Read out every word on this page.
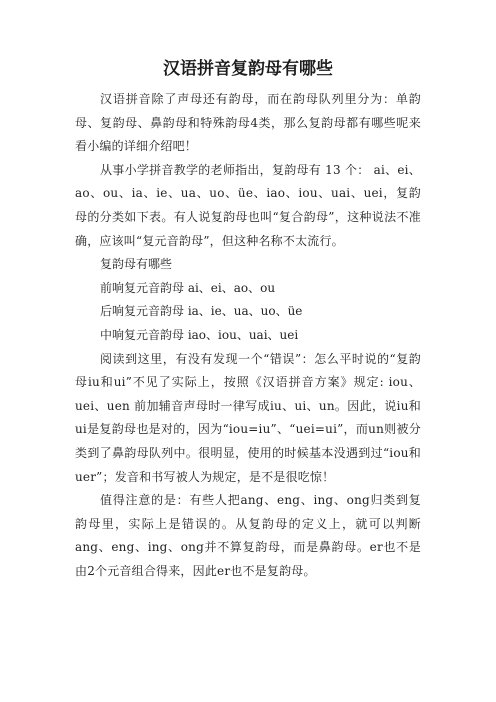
汉语拼音复韵母有哪些

汉语拼音除了声母还有韵母，而在韵母队列里分为：单韵母、复韵母、鼻韵母和特殊韵母4类，那么复韵母都有哪些呢来看小编的详细介绍吧！

从事小学拼音教学的老师指出，复韵母有 13 个： ai、ei、ao、ou、ia、ie、ua、uo、üe、iao、iou、uai、uei，复韵母的分类如下表。有人说复韵母也叫“复合韵母”，这种说法不准确，应该叫“复元音韵母”，但这种名称不太流行。

复韵母有哪些

前响复元音韵母 ai、ei、ao、ou

后响复元音韵母 ia、ie、ua、uo、üe

中响复元音韵母 iao、iou、uai、uei

阅读到这里，有没有发现一个“错误”：怎么平时说的“复韵母iu和ui”不见了实际上，按照《汉语拼音方案》规定: iou、uei、uen 前加辅音声母时一律写成iu、ui、un。因此，说iu和ui是复韵母也是对的，因为“iou=iu”、“uei=ui”，而un则被分类到了鼻韵母队列中。很明显，使用的时候基本没遇到过“iou和uer”；发音和书写被人为规定，是不是很吃惊！

值得注意的是：有些人把ang、eng、ing、ong归类到复韵母里，实际上是错误的。从复韵母的定义上，就可以判断ang、eng、ing、ong并不算复韵母，而是鼻韵母。er也不是由2个元音组合得来，因此er也不是复韵母。
